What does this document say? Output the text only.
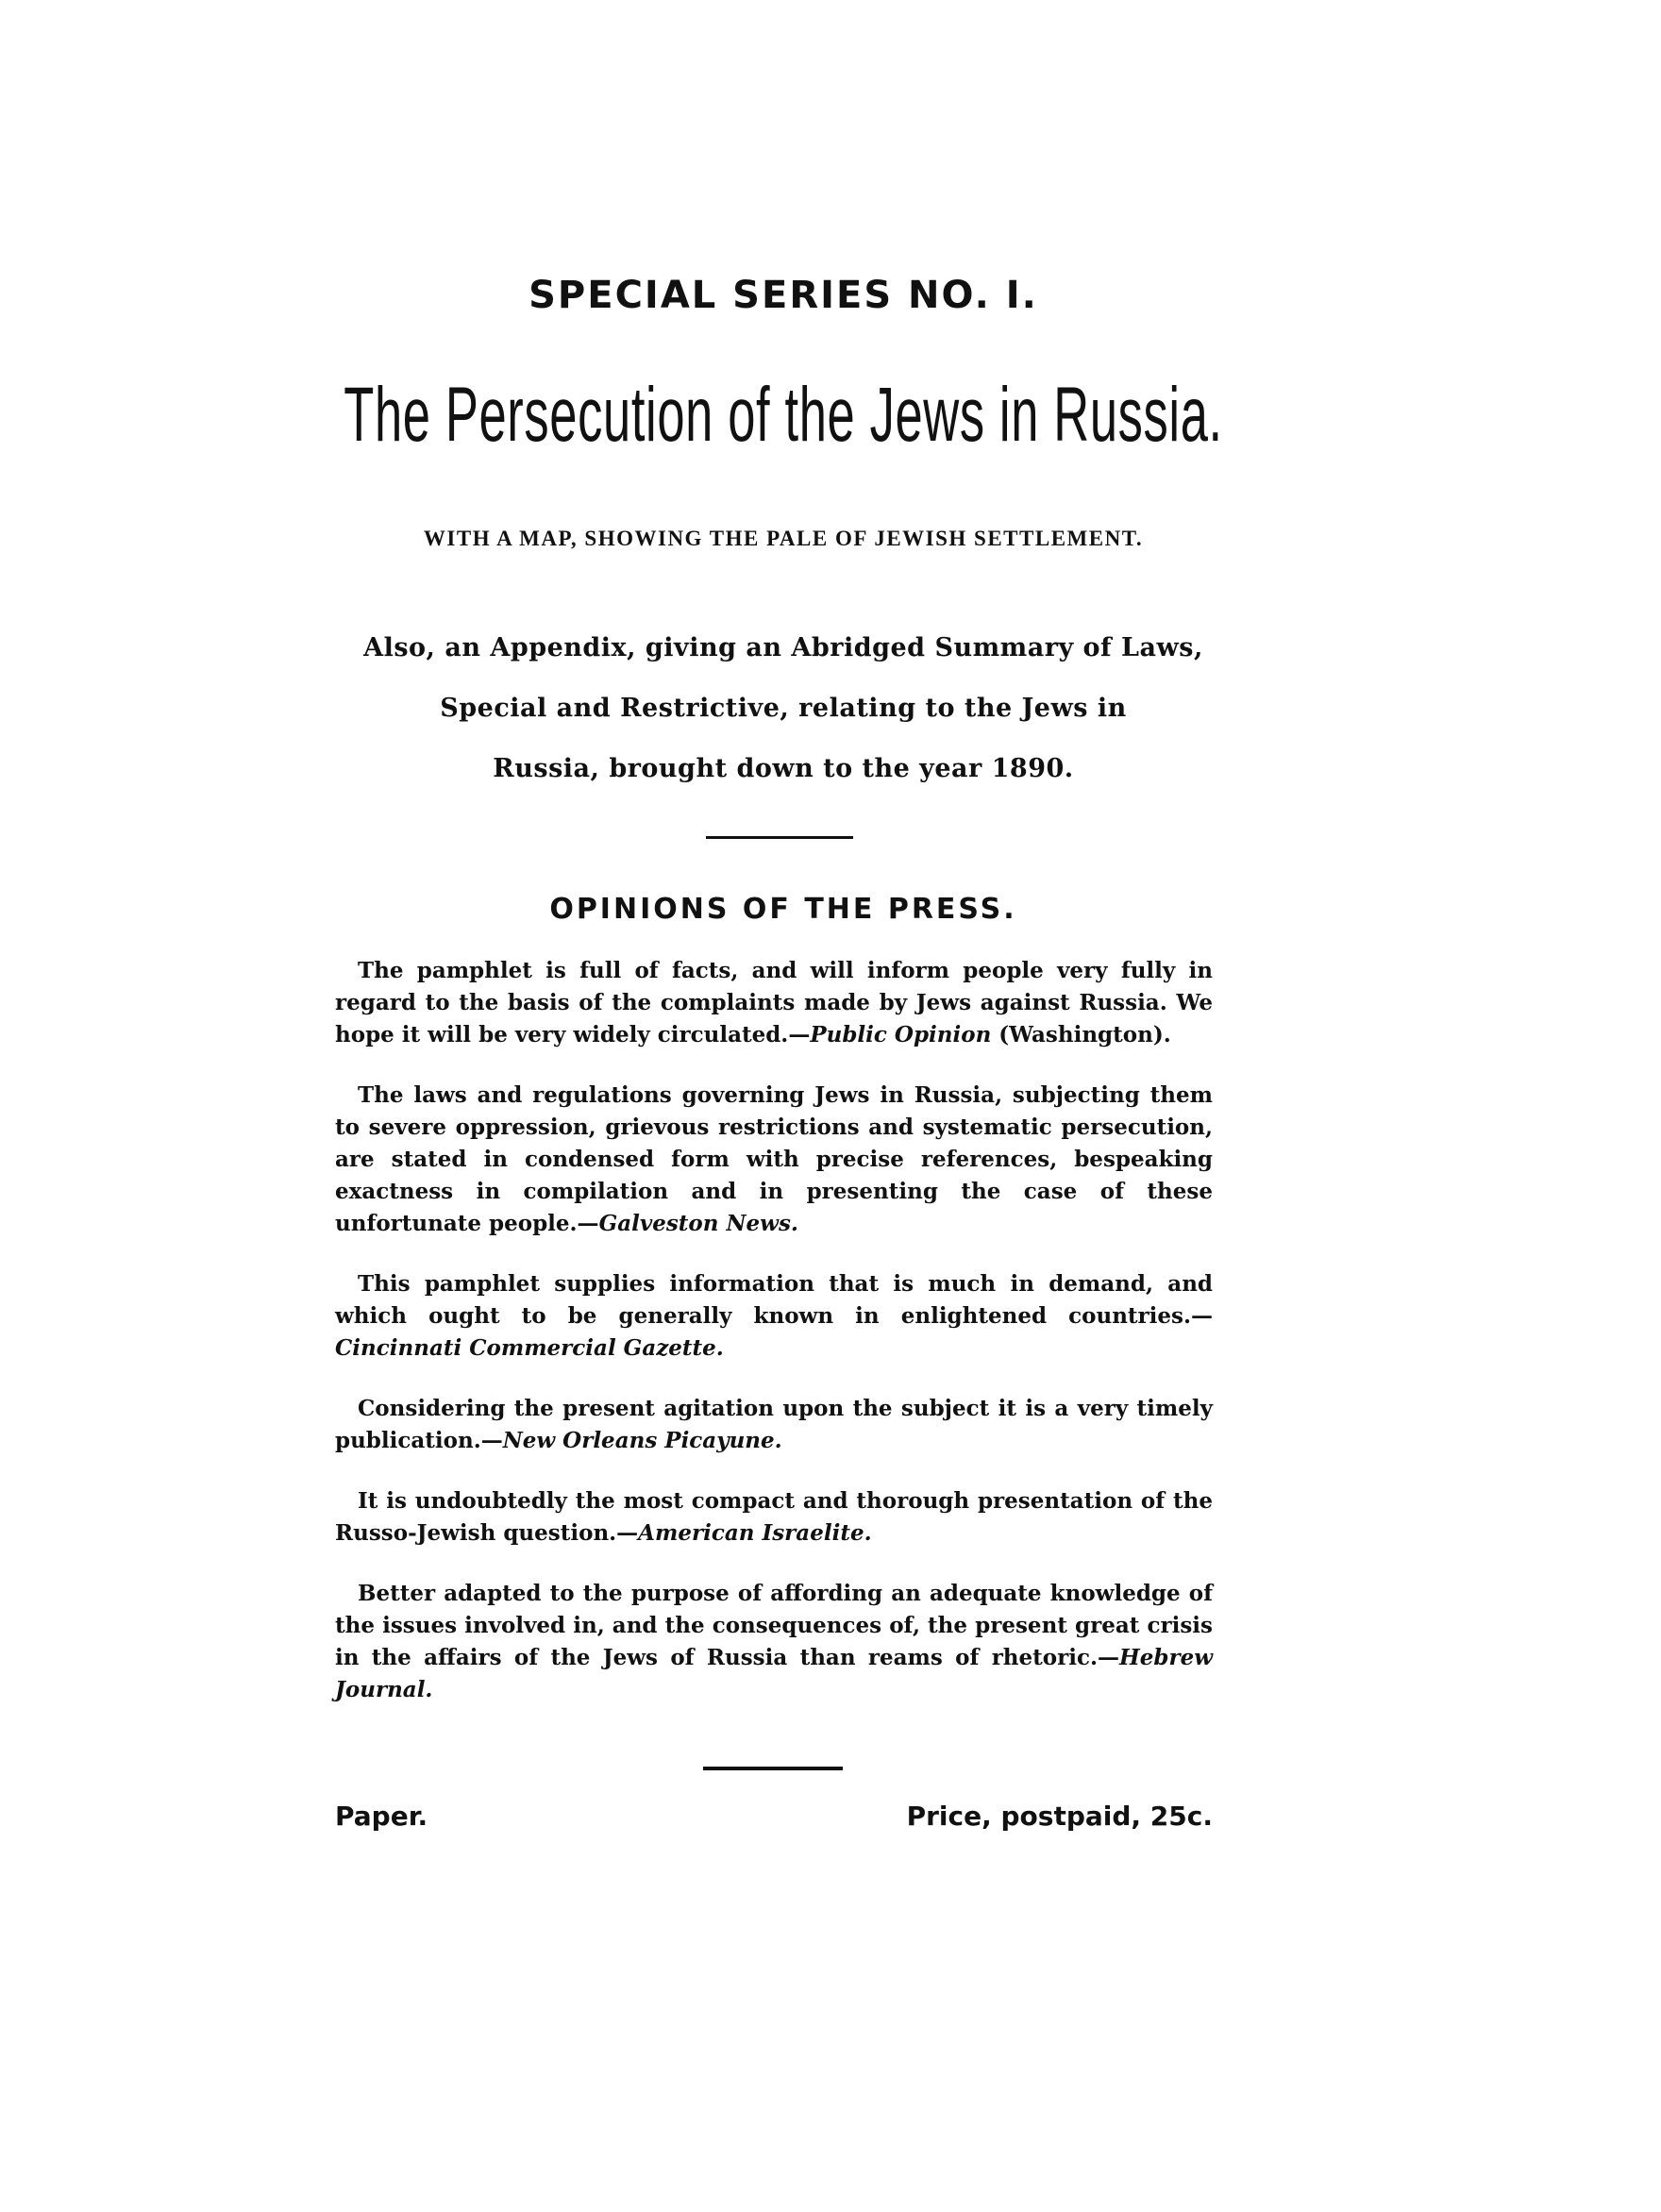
SPECIAL SERIES NO. I.
The Persecution of the Jews in Russia.
WITH A MAP, SHOWING THE PALE OF JEWISH SETTLEMENT.
Also, an Appendix, giving an Abridged Summary of Laws,
Special and Restrictive, relating to the Jews in
Russia, brought down to the year 1890.
OPINIONS OF THE PRESS.

The pamphlet is full of facts, and will inform people very fully in regard to the basis of the complaints made by Jews against Russia. We hope it will be very widely circulated.—Public Opinion (Washington).

The laws and regulations governing Jews in Russia, subjecting them to severe oppression, grievous restrictions and systematic persecution, are stated in condensed form with precise references, bespeaking exactness in compilation and in presenting the case of these unfortunate people.—Galveston News.

This pamphlet supplies information that is much in demand, and which ought to be generally known in enlightened countries.—Cincinnati Commercial Gazette.

Considering the present agitation upon the subject it is a very timely publication.—New Orleans Picayune.

It is undoubtedly the most compact and thorough presentation of the Russo-Jewish question.—American Israelite.

Better adapted to the purpose of affording an adequate knowledge of the issues involved in, and the consequences of, the present great crisis in the affairs of the Jews of Russia than reams of rhetoric.—Hebrew Journal.

Paper.	Price, postpaid, 25c.
